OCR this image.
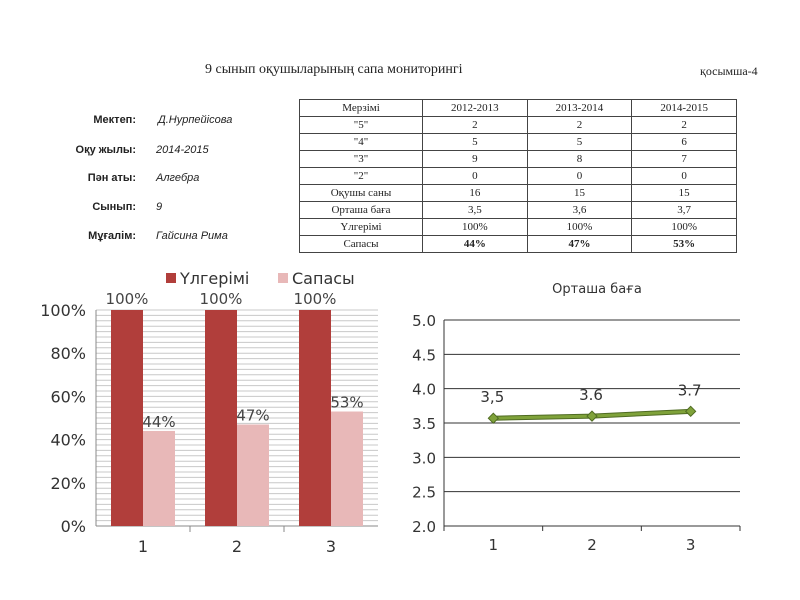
9 сынып оқушыларының сапа мониторингі	қосымша-4
Мектеп: Д.Нурпейісова
Оқу жылы: 2014-2015
Пән аты: Алгебра
Сынып: 9
Мұғалім: Гайсина Рима
Мерзімі	2012-2013	2013-2014	2014-2015
"5"	2	2	2
"4"	5	5	6
"3"	9	8	7
"2"	0	0	0
Оқушы саны	16	15	15
Орташа баға	3,5	3,6	3,7
Үлгерімі	100%	100%	100%
Сапасы	44%	47%	53%
0%
20%
40%
60%
80%
100%
1	2	3
100%	100%	100%
44%	47%
53%
Үлгерімі	Сапасы
Орташа баға
2.0
2.5
3.0
3.5
4.0
4.5
5.0
1	2	3
3,5	3.6	3.7
